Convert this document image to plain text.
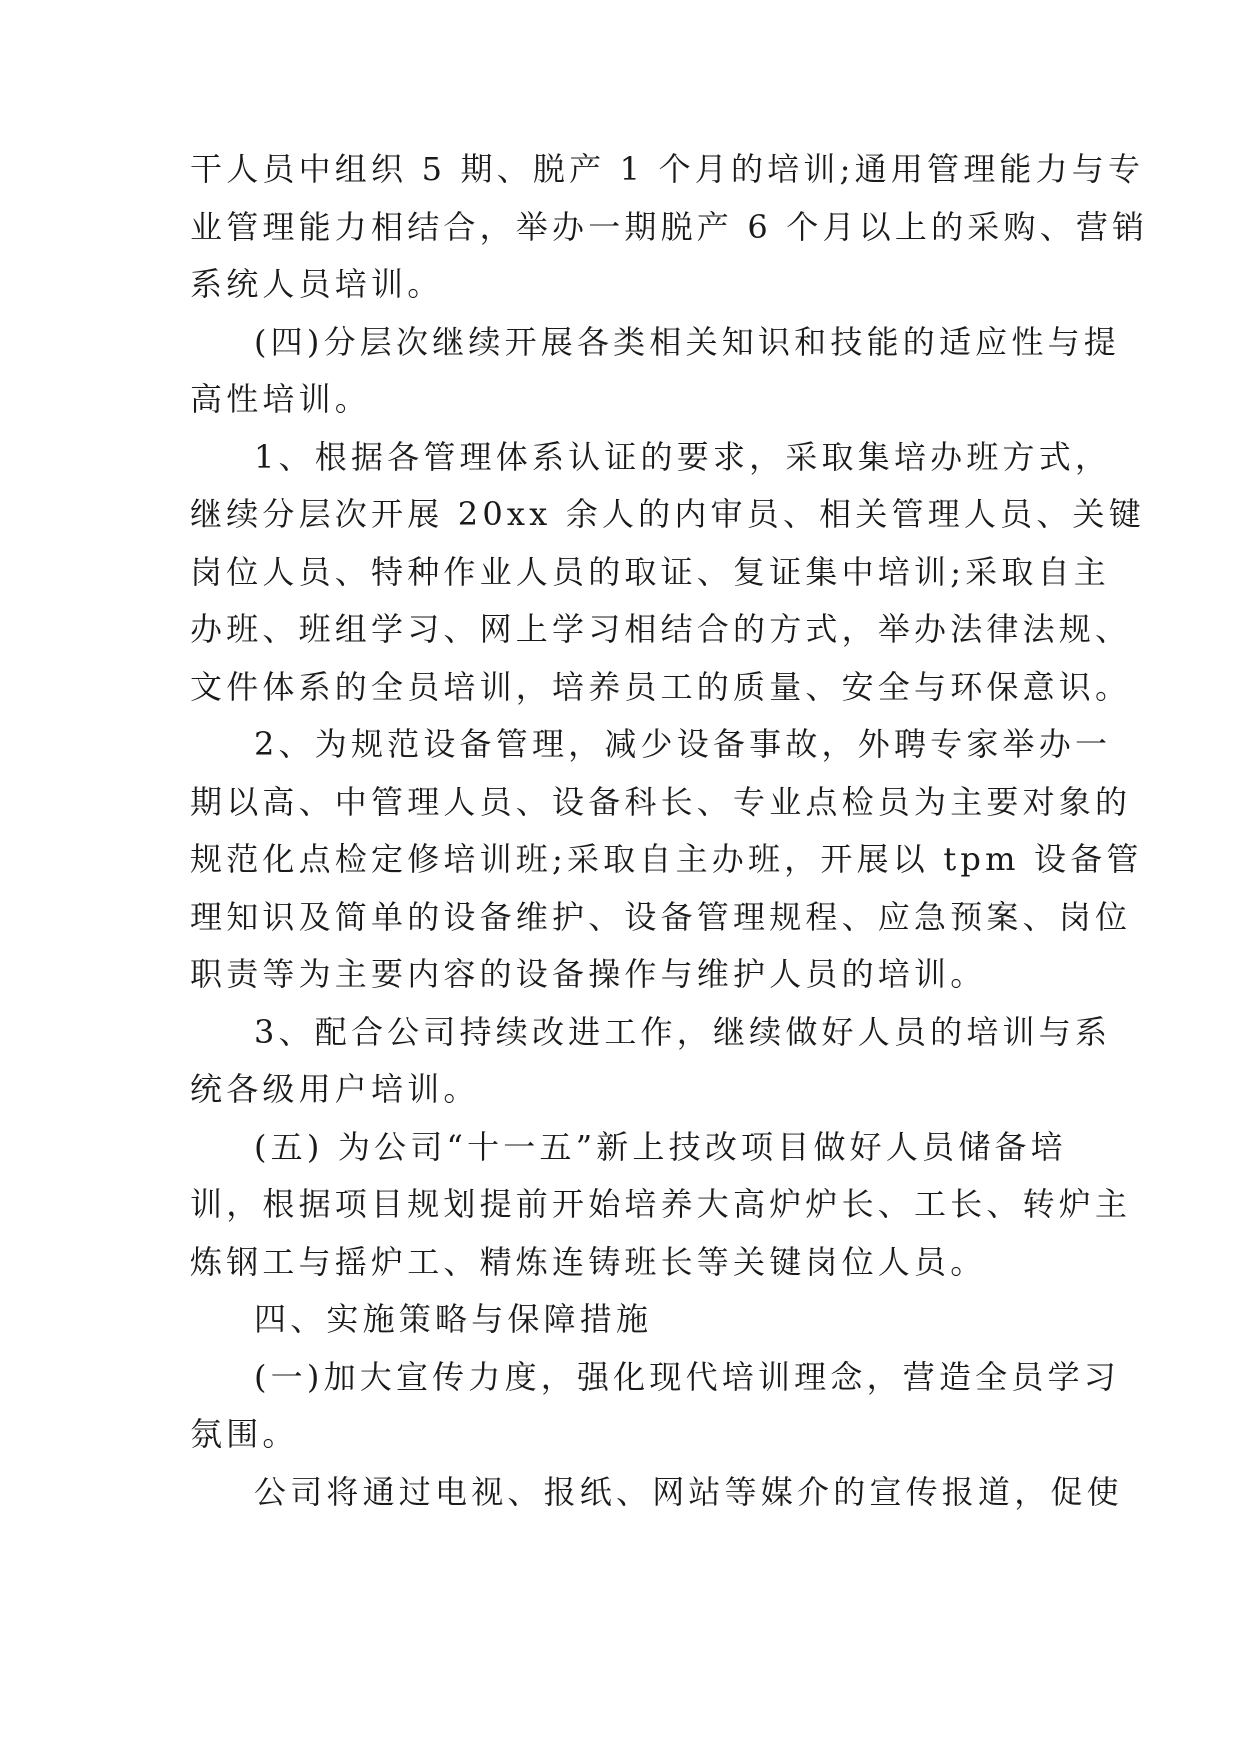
干人员中组织 5 期、脱产 1 个月的培训;通用管理能力与专
业管理能力相结合，举办一期脱产 6 个月以上的采购、营销
系统人员培训。
(四)分层次继续开展各类相关知识和技能的适应性与提
高性培训。
1、根据各管理体系认证的要求，采取集培办班方式，
继续分层次开展 20xx 余人的内审员、相关管理人员、关键
岗位人员、特种作业人员的取证、复证集中培训;采取自主
办班、班组学习、网上学习相结合的方式，举办法律法规、
文件体系的全员培训，培养员工的质量、安全与环保意识。
2、为规范设备管理，减少设备事故，外聘专家举办一
期以高、中管理人员、设备科长、专业点检员为主要对象的
规范化点检定修培训班;采取自主办班，开展以 tpm 设备管
理知识及简单的设备维护、设备管理规程、应急预案、岗位
职责等为主要内容的设备操作与维护人员的培训。
3、配合公司持续改进工作，继续做好人员的培训与系
统各级用户培训。
(五) 为公司“十一五”新上技改项目做好人员储备培
训，根据项目规划提前开始培养大高炉炉长、工长、转炉主
炼钢工与摇炉工、精炼连铸班长等关键岗位人员。
四、实施策略与保障措施
(一)加大宣传力度，强化现代培训理念，营造全员学习
氛围。
公司将通过电视、报纸、网站等媒介的宣传报道，促使
